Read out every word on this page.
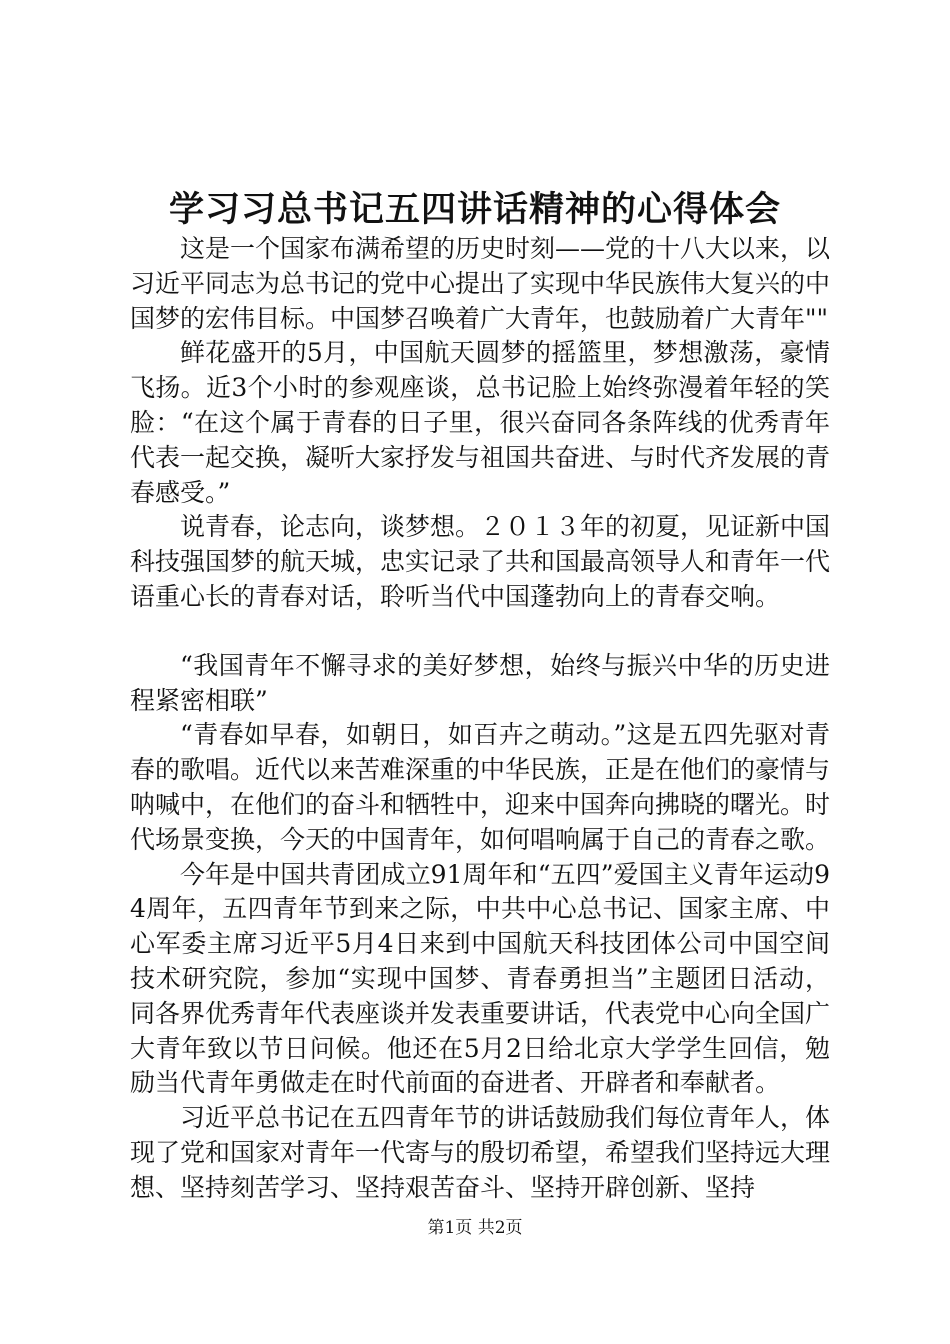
学习习总书记五四讲话精神的心得体会

这是一个国家布满希望的历史时刻——党的十八大以来，以习近平同志为总书记的党中心提出了实现中华民族伟大复兴的中国梦的宏伟目标。中国梦召唤着广大青年，也鼓励着广大青年""

鲜花盛开的5月，中国航天圆梦的摇篮里，梦想激荡，豪情飞扬。近3个小时的参观座谈，总书记脸上始终弥漫着年轻的笑脸：“在这个属于青春的日子里，很兴奋同各条阵线的优秀青年代表一起交换，凝听大家抒发与祖国共奋进、与时代齐发展的青春感受。”

说青春，论志向，谈梦想。２０１３年的初夏，见证新中国科技强国梦的航天城，忠实记录了共和国最高领导人和青年一代语重心长的青春对话，聆听当代中国蓬勃向上的青春交响。

“我国青年不懈寻求的美好梦想，始终与振兴中华的历史进程紧密相联”

“青春如早春，如朝日，如百卉之萌动。”这是五四先驱对青春的歌唱。近代以来苦难深重的中华民族，正是在他们的豪情与呐喊中，在他们的奋斗和牺牲中，迎来中国奔向拂晓的曙光。时代场景变换，今天的中国青年，如何唱响属于自己的青春之歌。

今年是中国共青团成立91周年和“五四”爱国主义青年运动94周年，五四青年节到来之际，中共中心总书记、国家主席、中心军委主席习近平5月4日来到中国航天科技团体公司中国空间技术研究院，参加“实现中国梦、青春勇担当”主题团日活动，同各界优秀青年代表座谈并发表重要讲话，代表党中心向全国广大青年致以节日问候。他还在5月2日给北京大学学生回信，勉励当代青年勇做走在时代前面的奋进者、开辟者和奉献者。

习近平总书记在五四青年节的讲话鼓励我们每位青年人，体现了党和国家对青年一代寄与的殷切希望，希望我们坚持远大理想、坚持刻苦学习、坚持艰苦奋斗、坚持开辟创新、坚持

第1页 共2页
